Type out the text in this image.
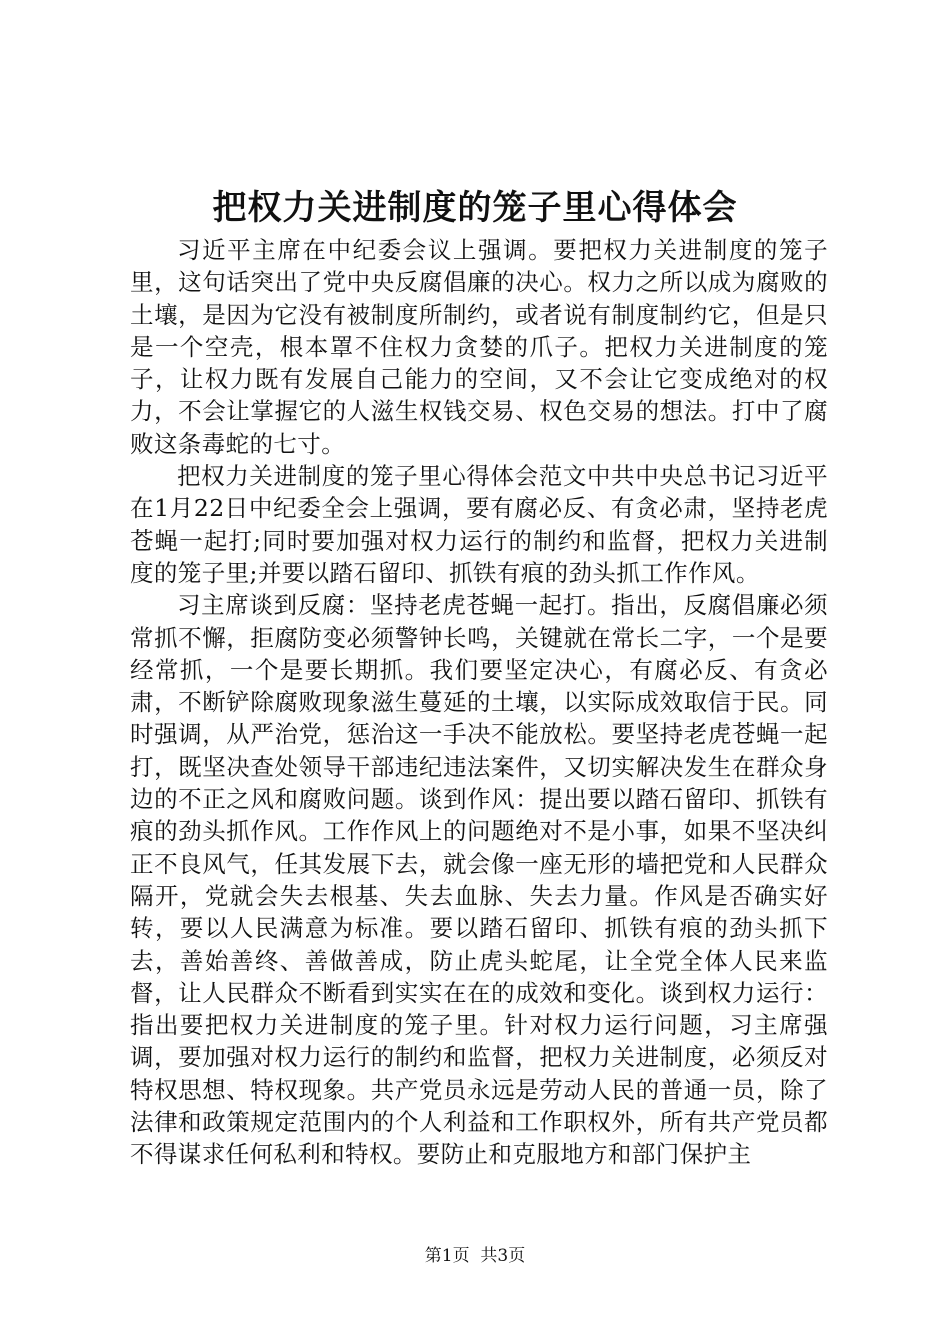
把权力关进制度的笼子里心得体会

习近平主席在中纪委会议上强调。要把权力关进制度的笼子里，这句话突出了党中央反腐倡廉的决心。权力之所以成为腐败的土壤，是因为它没有被制度所制约，或者说有制度制约它，但是只是一个空壳，根本罩不住权力贪婪的爪子。把权力关进制度的笼子，让权力既有发展自己能力的空间，又不会让它变成绝对的权力，不会让掌握它的人滋生权钱交易、权色交易的想法。打中了腐败这条毒蛇的七寸。

把权力关进制度的笼子里心得体会范文中共中央总书记习近平在1月22日中纪委全会上强调，要有腐必反、有贪必肃，坚持老虎苍蝇一起打;同时要加强对权力运行的制约和监督，把权力关进制度的笼子里;并要以踏石留印、抓铁有痕的劲头抓工作作风。

习主席谈到反腐：坚持老虎苍蝇一起打。指出，反腐倡廉必须常抓不懈，拒腐防变必须警钟长鸣，关键就在常长二字，一个是要经常抓，一个是要长期抓。我们要坚定决心，有腐必反、有贪必肃，不断铲除腐败现象滋生蔓延的土壤，以实际成效取信于民。同时强调，从严治党，惩治这一手决不能放松。要坚持老虎苍蝇一起打，既坚决查处领导干部违纪违法案件，又切实解决发生在群众身边的不正之风和腐败问题。谈到作风：提出要以踏石留印、抓铁有痕的劲头抓作风。工作作风上的问题绝对不是小事，如果不坚决纠正不良风气，任其发展下去，就会像一座无形的墙把党和人民群众隔开，党就会失去根基、失去血脉、失去力量。作风是否确实好转，要以人民满意为标准。要以踏石留印、抓铁有痕的劲头抓下去，善始善终、善做善成，防止虎头蛇尾，让全党全体人民来监督，让人民群众不断看到实实在在的成效和变化。谈到权力运行：指出要把权力关进制度的笼子里。针对权力运行问题，习主席强调，要加强对权力运行的制约和监督，把权力关进制度，必须反对特权思想、特权现象。共产党员永远是劳动人民的普通一员，除了法律和政策规定范围内的个人利益和工作职权外，所有共产党员都不得谋求任何私利和特权。要防止和克服地方和部门保护主

第1页 共3页
